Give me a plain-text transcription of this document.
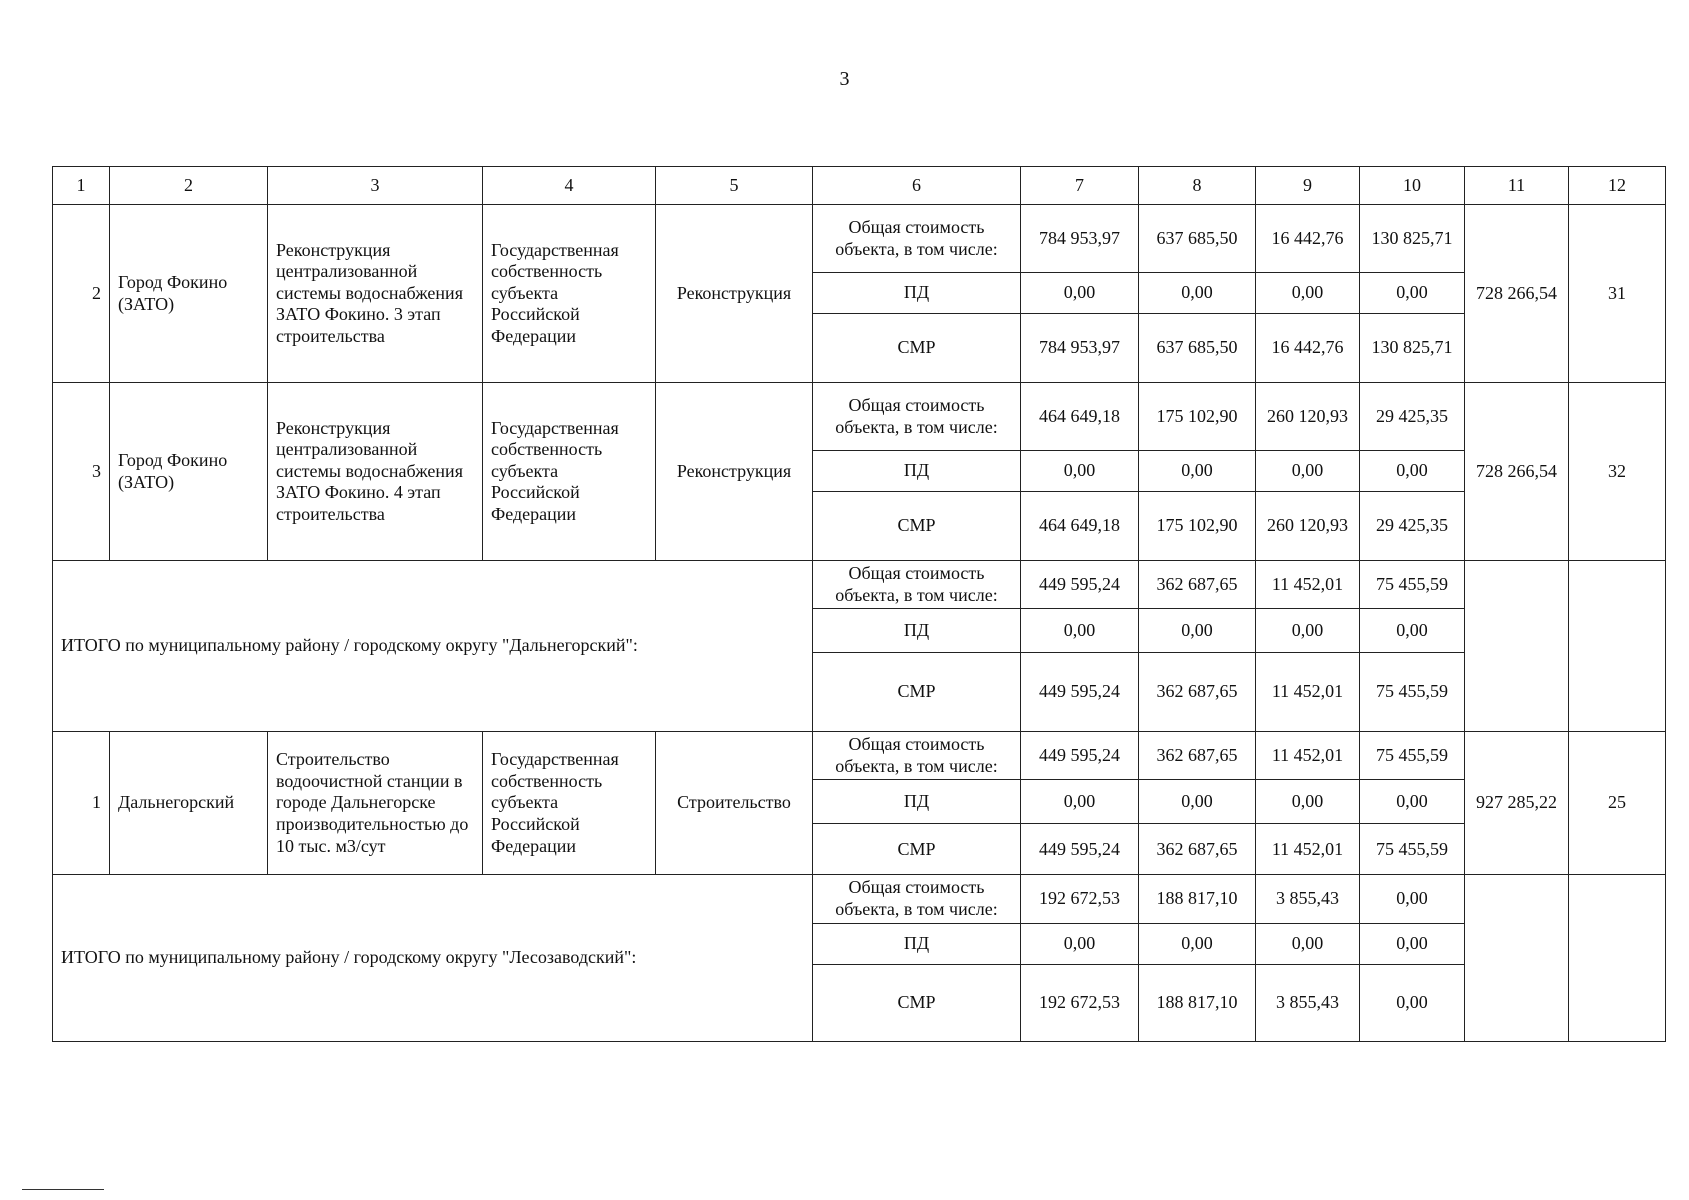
3
1	2	3	4	5	6	7	8	9	10	11	12
2	Город Фокино (ЗАТО)	Реконструкция централизованной системы водоснабжения ЗАТО Фокино. 3 этап строительства	Государственная собственность субъекта Российской Федерации	Реконструкция	Общая стоимость объекта, в том числе:	784 953,97	637 685,50	16 442,76	130 825,71	728 266,54	31
					ПД	0,00	0,00	0,00	0,00		
					СМР	784 953,97	637 685,50	16 442,76	130 825,71		
3	Город Фокино (ЗАТО)	Реконструкция централизованной системы водоснабжения ЗАТО Фокино. 4 этап строительства	Государственная собственность субъекта Российской Федерации	Реконструкция	Общая стоимость объекта, в том числе:	464 649,18	175 102,90	260 120,93	29 425,35	728 266,54	32
					ПД	0,00	0,00	0,00	0,00		
					СМР	464 649,18	175 102,90	260 120,93	29 425,35		
ИТОГО по муниципальному району / городскому округу "Дальнегорский":					Общая стоимость объекта, в том числе:	449 595,24	362 687,65	11 452,01	75 455,59		
					ПД	0,00	0,00	0,00	0,00		
					СМР	449 595,24	362 687,65	11 452,01	75 455,59		
1	Дальнегорский	Строительство водоочистной станции в городе Дальнегорске производительностью до 10 тыс. м3/сут	Государственная собственность субъекта Российской Федерации	Строительство	Общая стоимость объекта, в том числе:	449 595,24	362 687,65	11 452,01	75 455,59	927 285,22	25
					ПД	0,00	0,00	0,00	0,00		
					СМР	449 595,24	362 687,65	11 452,01	75 455,59		
ИТОГО по муниципальному району / городскому округу "Лесозаводский":					Общая стоимость объекта, в том числе:	192 672,53	188 817,10	3 855,43	0,00		
					ПД	0,00	0,00	0,00	0,00		
					СМР	192 672,53	188 817,10	3 855,43	0,00		
